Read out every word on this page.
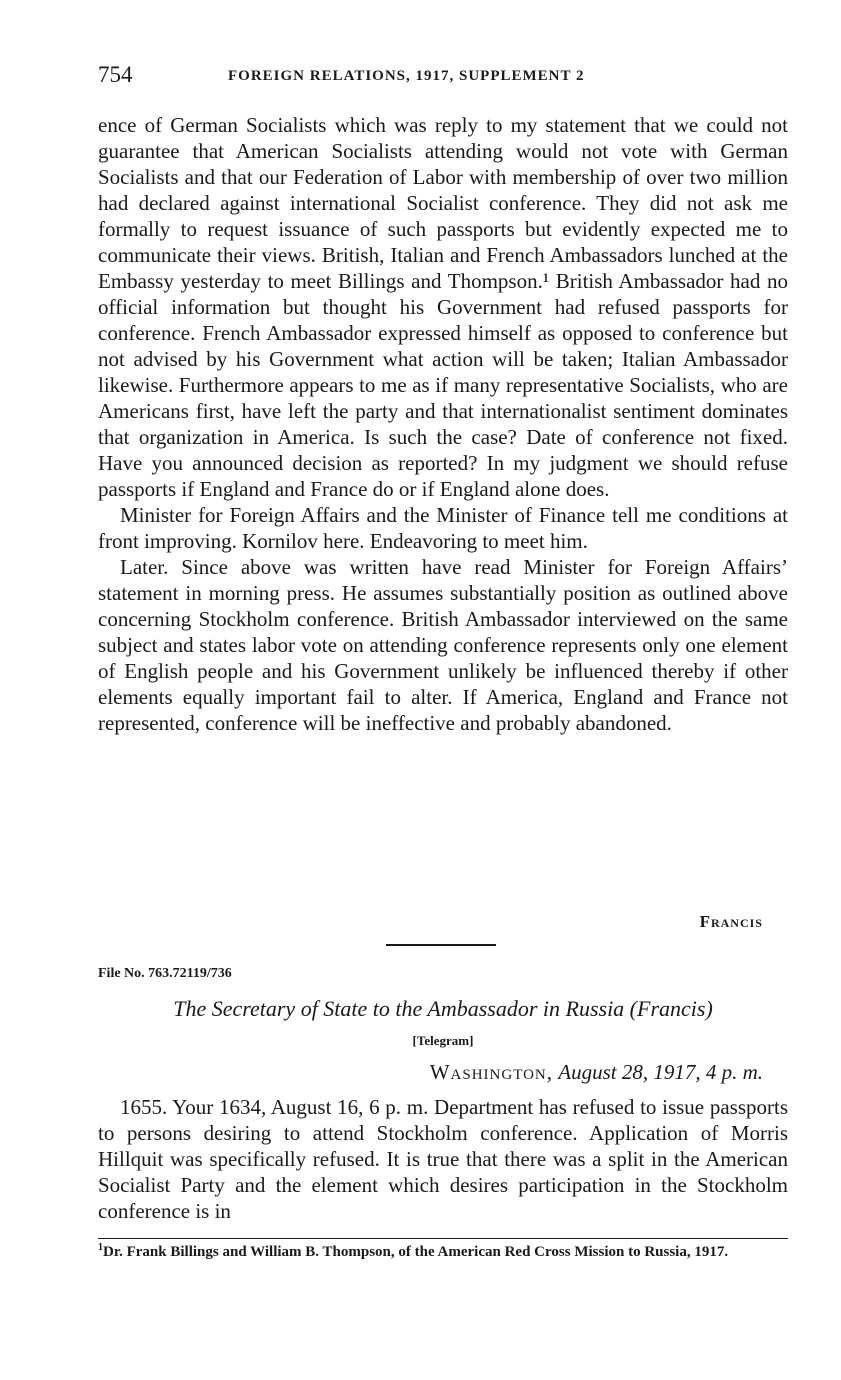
754	FOREIGN RELATIONS, 1917, SUPPLEMENT 2

ence of German Socialists which was reply to my statement that we could not guarantee that American Socialists attending would not vote with German Socialists and that our Federation of Labor with membership of over two million had declared against international Socialist conference. They did not ask me formally to request issuance of such passports but evidently expected me to communicate their views. British, Italian and French Ambassadors lunched at the Embassy yesterday to meet Billings and Thompson.¹ British Ambassador had no official information but thought his Government had refused passports for conference. French Ambassador expressed himself as opposed to conference but not advised by his Government what action will be taken; Italian Ambassador likewise. Furthermore appears to me as if many representative Socialists, who are Americans first, have left the party and that internationalist sentiment dominates that organization in America. Is such the case? Date of conference not fixed. Have you announced decision as reported? In my judgment we should refuse passports if England and France do or if England alone does.

Minister for Foreign Affairs and the Minister of Finance tell me conditions at front improving. Kornilov here. Endeavoring to meet him.

Later. Since above was written have read Minister for Foreign Affairs’ statement in morning press. He assumes substantially position as outlined above concerning Stockholm conference. British Ambassador interviewed on the same subject and states labor vote on attending conference represents only one element of English people and his Government unlikely be influenced thereby if other elements equally important fail to alter. If America, England and France not represented, conference will be ineffective and probably abandoned.

Francis
File No. 763.72119/736
The Secretary of State to the Ambassador in Russia (Francis)
[Telegram]
Washington, August 28, 1917, 4 p. m.

1655. Your 1634, August 16, 6 p. m. Department has refused to issue passports to persons desiring to attend Stockholm conference. Application of Morris Hillquit was specifically refused. It is true that there was a split in the American Socialist Party and the element which desires participation in the Stockholm conference is in

$^1$Dr. Frank Billings and William B. Thompson, of the American Red Cross Mission to Russia, 1917.
